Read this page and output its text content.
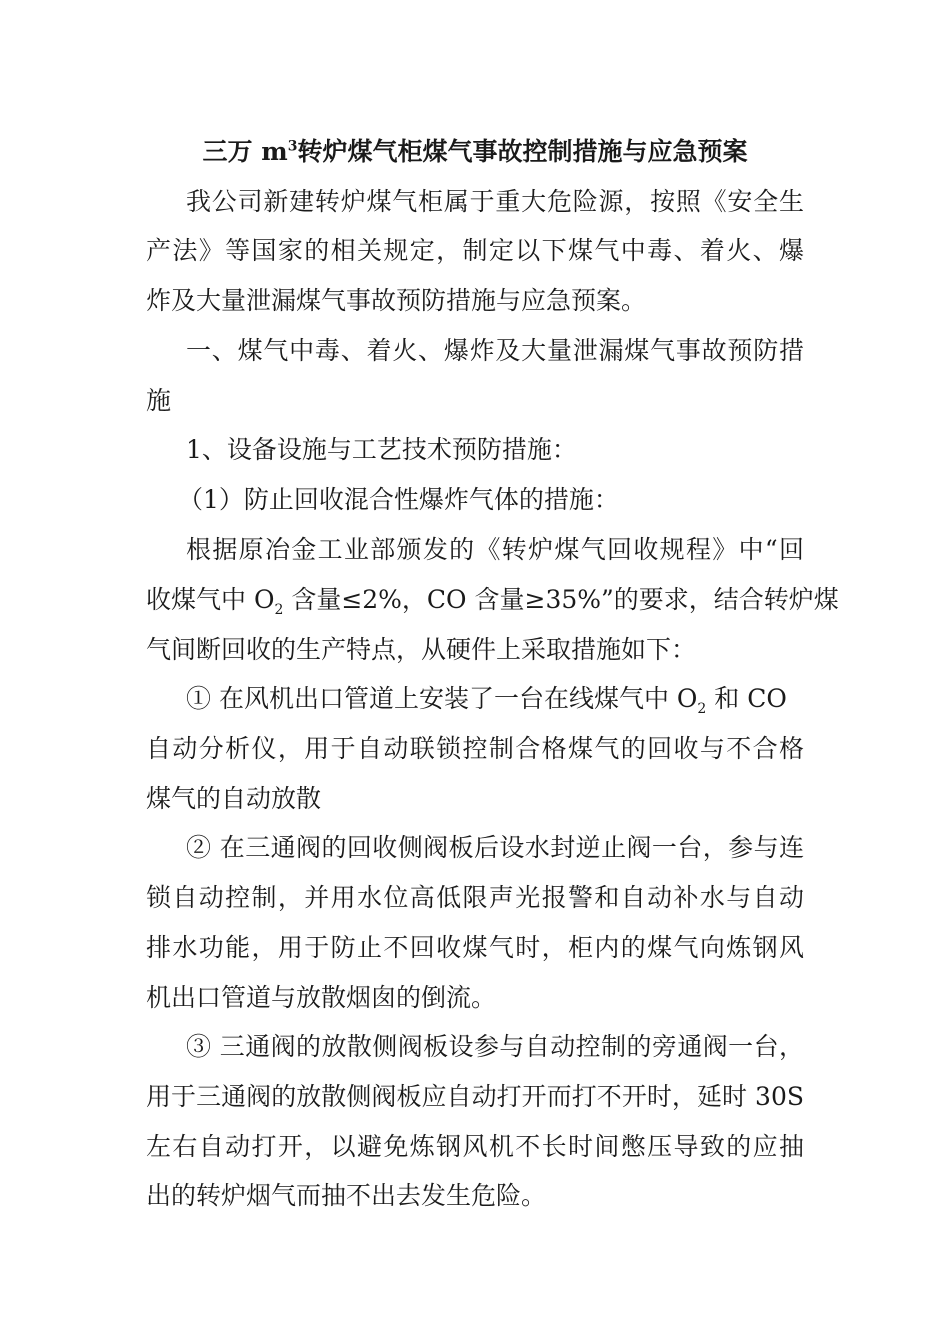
三万 $m^3$转炉煤气柜煤气事故控制措施与应急预案
我公司新建转炉煤气柜属于重大危险源，按照《安全生
产法》等国家的相关规定，制定以下煤气中毒、着火、爆
炸及大量泄漏煤气事故预防措施与应急预案。
一、煤气中毒、着火、爆炸及大量泄漏煤气事故预防措
施
1、设备设施与工艺技术预防措施：
（1）防止回收混合性爆炸气体的措施：
根据原冶金工业部颁发的《转炉煤气回收规程》中“回
收煤气中 $O_2$ 含量≤2%，CO 含量≥35%”的要求，结合转炉煤
气间断回收的生产特点，从硬件上采取措施如下：
① 在风机出口管道上安装了一台在线煤气中 $O_2$ 和 CO
自动分析仪，用于自动联锁控制合格煤气的回收与不合格
煤气的自动放散
② 在三通阀的回收侧阀板后设水封逆止阀一台，参与连
锁自动控制，并用水位高低限声光报警和自动补水与自动
排水功能，用于防止不回收煤气时，柜内的煤气向炼钢风
机出口管道与放散烟囱的倒流。
③ 三通阀的放散侧阀板设参与自动控制的旁通阀一台，
用于三通阀的放散侧阀板应自动打开而打不开时，延时 30S
左右自动打开，以避免炼钢风机不长时间憋压导致的应抽
出的转炉烟气而抽不出去发生危险。
